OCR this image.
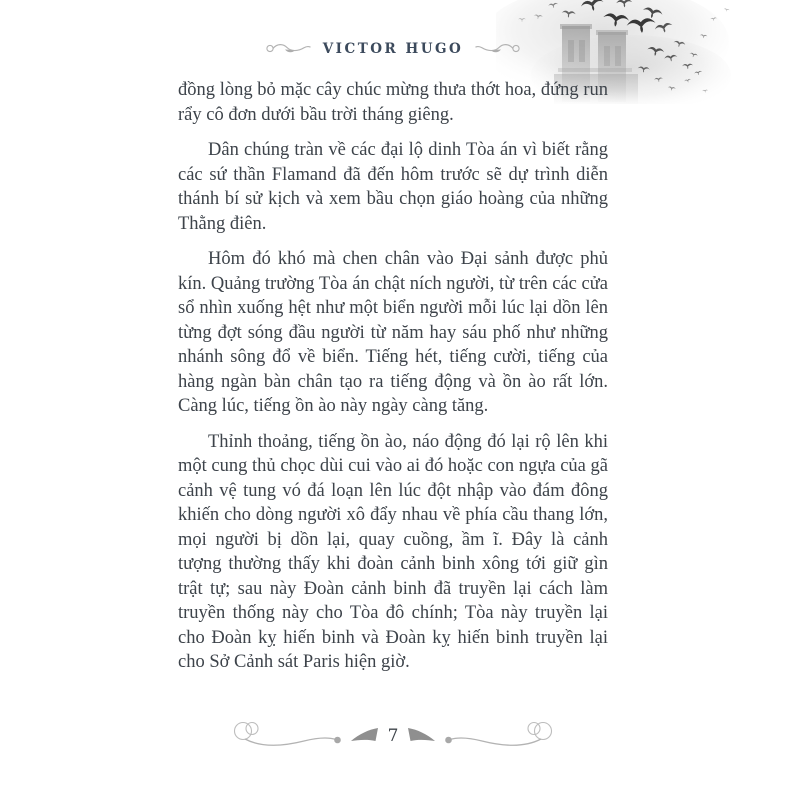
VICTOR HUGO

đồng lòng bỏ mặc cây chúc mừng thưa thớt hoa, đứng run rẩy cô đơn dưới bầu trời tháng giêng.

Dân chúng tràn về các đại lộ dinh Tòa án vì biết rằng các sứ thần Flamand đã đến hôm trước sẽ dự trình diễn thánh bí sử kịch và xem bầu chọn giáo hoàng của những Thằng điên.

Hôm đó khó mà chen chân vào Đại sảnh được phủ kín. Quảng trường Tòa án chật ních người, từ trên các cửa sổ nhìn xuống hệt như một biển người mỗi lúc lại dồn lên từng đợt sóng đầu người từ năm hay sáu phố như những nhánh sông đổ về biển. Tiếng hét, tiếng cười, tiếng của hàng ngàn bàn chân tạo ra tiếng động và ồn ào rất lớn. Càng lúc, tiếng ồn ào này ngày càng tăng.

Thỉnh thoảng, tiếng ồn ào, náo động đó lại rộ lên khi một cung thủ chọc dùi cui vào ai đó hoặc con ngựa của gã cảnh vệ tung vó đá loạn lên lúc đột nhập vào đám đông khiến cho dòng người xô đẩy nhau về phía cầu thang lớn, mọi người bị dồn lại, quay cuồng, ầm ĩ. Đây là cảnh tượng thường thấy khi đoàn cảnh binh xông tới giữ gìn trật tự; sau này Đoàn cảnh binh đã truyền lại cách làm truyền thống này cho Tòa đô chính; Tòa này truyền lại cho Đoàn kỵ hiến binh và Đoàn kỵ hiến binh truyền lại cho Sở Cảnh sát Paris hiện giờ.

7
